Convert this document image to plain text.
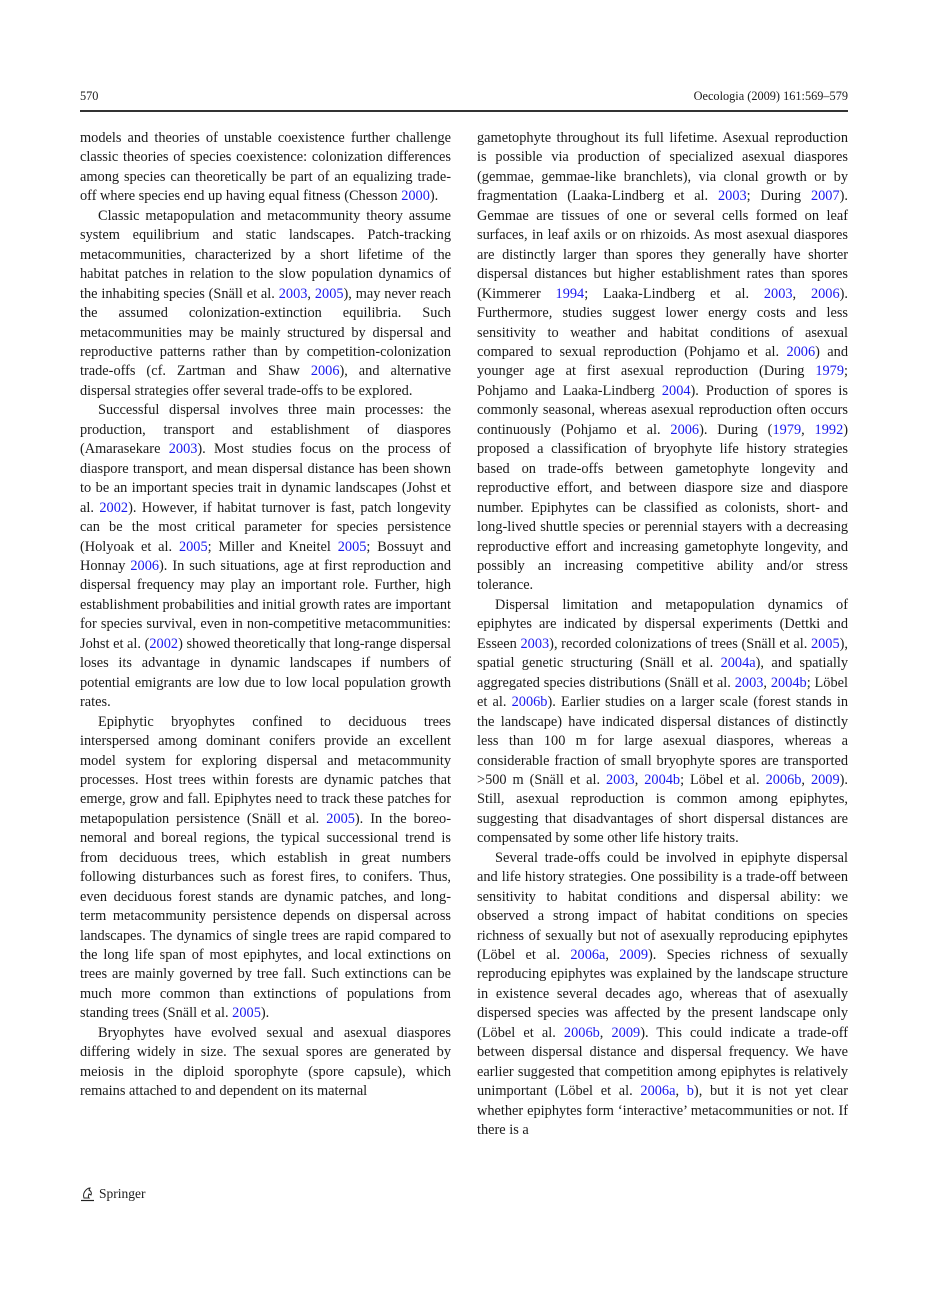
570	Oecologia (2009) 161:569–579

models and theories of unstable coexistence further challenge classic theories of species coexistence: colonization differences among species can theoretically be part of an equalizing trade-off where species end up having equal fitness (Chesson 2000).

Classic metapopulation and metacommunity theory assume system equilibrium and static landscapes. Patch-tracking metacommunities, characterized by a short lifetime of the habitat patches in relation to the slow population dynamics of the inhabiting species (Snäll et al. 2003, 2005), may never reach the assumed colonization-extinction equilibria. Such metacommunities may be mainly structured by dispersal and reproductive patterns rather than by competition-colonization trade-offs (cf. Zartman and Shaw 2006), and alternative dispersal strategies offer several trade-offs to be explored.

Successful dispersal involves three main processes: the production, transport and establishment of diaspores (Amarasekare 2003). Most studies focus on the process of diaspore transport, and mean dispersal distance has been shown to be an important species trait in dynamic landscapes (Johst et al. 2002). However, if habitat turnover is fast, patch longevity can be the most critical parameter for species persistence (Holyoak et al. 2005; Miller and Kneitel 2005; Bossuyt and Honnay 2006). In such situations, age at first reproduction and dispersal frequency may play an important role. Further, high establishment probabilities and initial growth rates are important for species survival, even in non-competitive metacommunities: Johst et al. (2002) showed theoretically that long-range dispersal loses its advantage in dynamic landscapes if numbers of potential emigrants are low due to low local population growth rates.

Epiphytic bryophytes confined to deciduous trees interspersed among dominant conifers provide an excellent model system for exploring dispersal and metacommunity processes. Host trees within forests are dynamic patches that emerge, grow and fall. Epiphytes need to track these patches for metapopulation persistence (Snäll et al. 2005). In the boreo-nemoral and boreal regions, the typical successional trend is from deciduous trees, which establish in great numbers following disturbances such as forest fires, to conifers. Thus, even deciduous forest stands are dynamic patches, and long-term metacommunity persistence depends on dispersal across landscapes. The dynamics of single trees are rapid compared to the long life span of most epiphytes, and local extinctions on trees are mainly governed by tree fall. Such extinctions can be much more common than extinctions of populations from standing trees (Snäll et al. 2005).

Bryophytes have evolved sexual and asexual diaspores differing widely in size. The sexual spores are generated by meiosis in the diploid sporophyte (spore capsule), which remains attached to and dependent on its maternal

gametophyte throughout its full lifetime. Asexual reproduction is possible via production of specialized asexual diaspores (gemmae, gemmae-like branchlets), via clonal growth or by fragmentation (Laaka-Lindberg et al. 2003; During 2007). Gemmae are tissues of one or several cells formed on leaf surfaces, in leaf axils or on rhizoids. As most asexual diaspores are distinctly larger than spores they generally have shorter dispersal distances but higher establishment rates than spores (Kimmerer 1994; Laaka-Lindberg et al. 2003, 2006). Furthermore, studies suggest lower energy costs and less sensitivity to weather and habitat conditions of asexual compared to sexual reproduction (Pohjamo et al. 2006) and younger age at first asexual reproduction (During 1979; Pohjamo and Laaka-Lindberg 2004). Production of spores is commonly seasonal, whereas asexual reproduction often occurs continuously (Pohjamo et al. 2006). During (1979, 1992) proposed a classification of bryophyte life history strategies based on trade-offs between gametophyte longevity and reproductive effort, and between diaspore size and diaspore number. Epiphytes can be classified as colonists, short- and long-lived shuttle species or perennial stayers with a decreasing reproductive effort and increasing gametophyte longevity, and possibly an increasing competitive ability and/or stress tolerance.

Dispersal limitation and metapopulation dynamics of epiphytes are indicated by dispersal experiments (Dettki and Esseen 2003), recorded colonizations of trees (Snäll et al. 2005), spatial genetic structuring (Snäll et al. 2004a), and spatially aggregated species distributions (Snäll et al. 2003, 2004b; Löbel et al. 2006b). Earlier studies on a larger scale (forest stands in the landscape) have indicated dispersal distances of distinctly less than 100 m for large asexual diaspores, whereas a considerable fraction of small bryophyte spores are transported >500 m (Snäll et al. 2003, 2004b; Löbel et al. 2006b, 2009). Still, asexual reproduction is common among epiphytes, suggesting that disadvantages of short dispersal distances are compensated by some other life history traits.

Several trade-offs could be involved in epiphyte dispersal and life history strategies. One possibility is a trade-off between sensitivity to habitat conditions and dispersal ability: we observed a strong impact of habitat conditions on species richness of sexually but not of asexually reproducing epiphytes (Löbel et al. 2006a, 2009). Species richness of sexually reproducing epiphytes was explained by the landscape structure in existence several decades ago, whereas that of asexually dispersed species was affected by the present landscape only (Löbel et al. 2006b, 2009). This could indicate a trade-off between dispersal distance and dispersal frequency. We have earlier suggested that competition among epiphytes is relatively unimportant (Löbel et al. 2006a, b), but it is not yet clear whether epiphytes form ‘interactive’ metacommunities or not. If there is a

Springer
